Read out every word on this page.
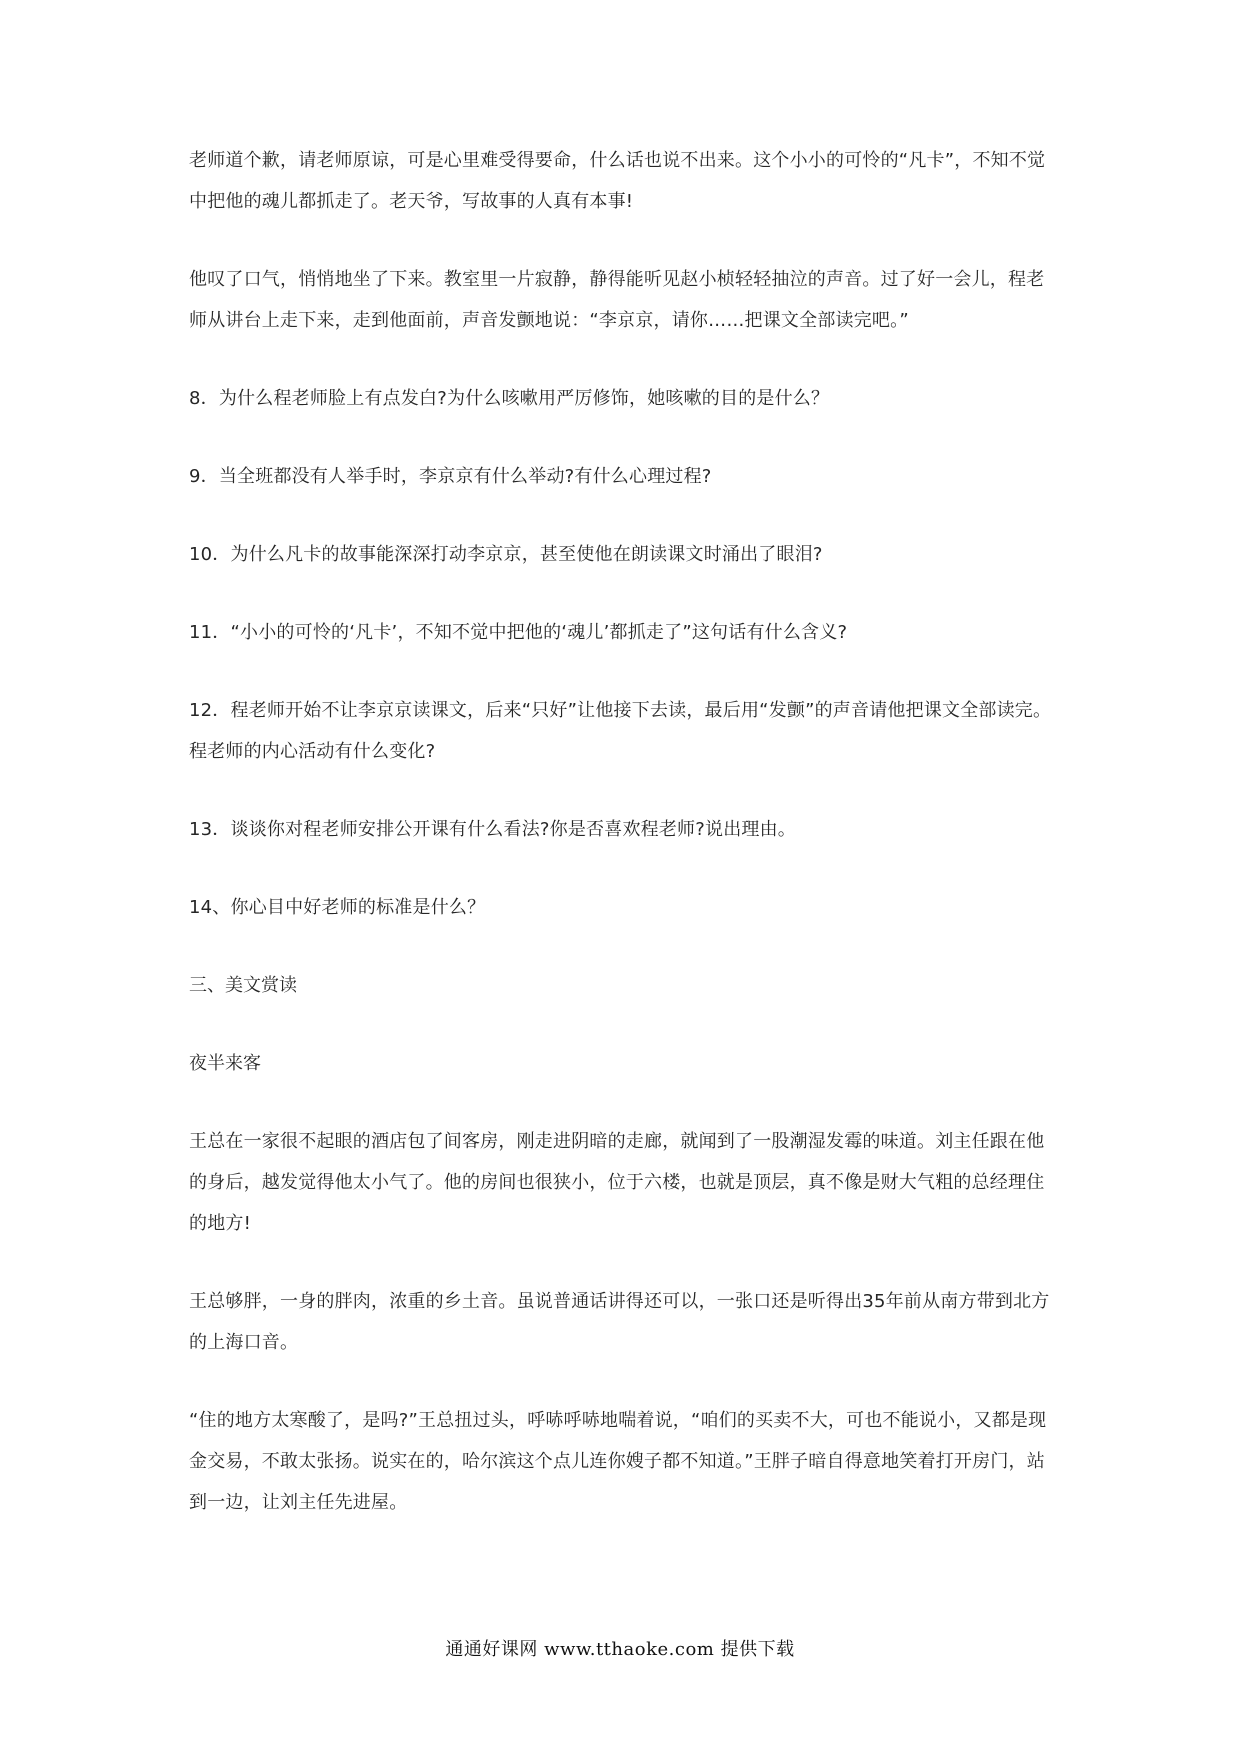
老师道个歉，请老师原谅，可是心里难受得要命，什么话也说不出来。这个小小的可怜的“凡卡”，不知不觉中把他的魂儿都抓走了。老天爷，写故事的人真有本事!

他叹了口气，悄悄地坐了下来。教室里一片寂静，静得能听见赵小桢轻轻抽泣的声音。过了好一会儿，程老师从讲台上走下来，走到他面前，声音发颤地说：“李京京，请你……把课文全部读完吧。”

8．为什么程老师脸上有点发白?为什么咳嗽用严厉修饰，她咳嗽的目的是什么？

9．当全班都没有人举手时，李京京有什么举动?有什么心理过程?

10．为什么凡卡的故事能深深打动李京京，甚至使他在朗读课文时涌出了眼泪?

11．“小小的可怜的‘凡卡’，不知不觉中把他的‘魂儿’都抓走了”这句话有什么含义?

12．程老师开始不让李京京读课文，后来“只好”让他接下去读，最后用“发颤”的声音请他把课文全部读完。程老师的内心活动有什么变化?

13．谈谈你对程老师安排公开课有什么看法?你是否喜欢程老师?说出理由。

14、你心目中好老师的标准是什么？

三、美文赏读

夜半来客

王总在一家很不起眼的酒店包了间客房，刚走进阴暗的走廊，就闻到了一股潮湿发霉的味道。刘主任跟在他的身后，越发觉得他太小气了。他的房间也很狭小，位于六楼，也就是顶层，真不像是财大气粗的总经理住的地方!

王总够胖，一身的胖肉，浓重的乡土音。虽说普通话讲得还可以，一张口还是听得出35年前从南方带到北方的上海口音。

“住的地方太寒酸了，是吗?”王总扭过头，呼哧呼哧地喘着说，“咱们的买卖不大，可也不能说小，又都是现金交易，不敢太张扬。说实在的，哈尔滨这个点儿连你嫂子都不知道。”王胖子暗自得意地笑着打开房门，站到一边，让刘主任先进屋。

通通好课网 www.tthaoke.com 提供下载
